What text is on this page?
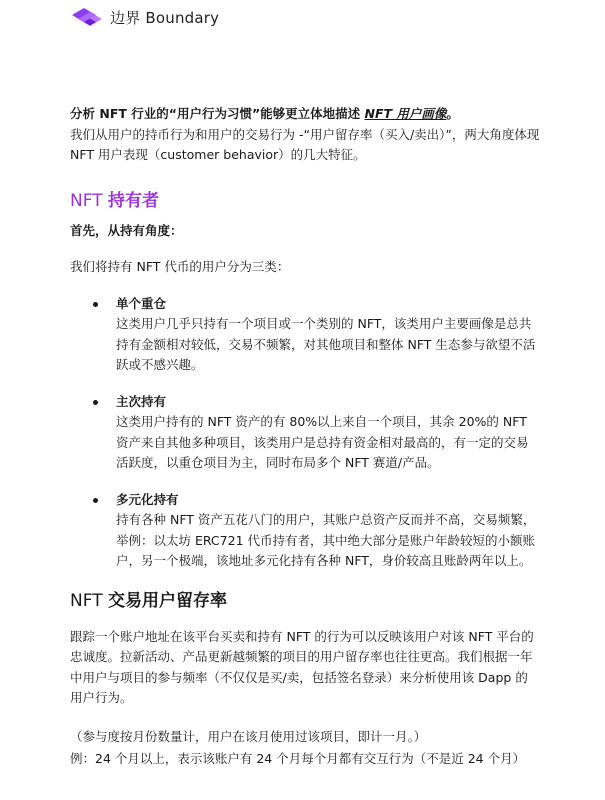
边界 Boundary

分析 NFT 行业的“用户行为习惯”能够更立体地描述 NFT 用户画像。
我们从用户的持币行为和用户的交易行为 -“用户留存率（买入/卖出）”，两大角度体现 NFT 用户表现（customer behavior）的几大特征。

NFT 持有者

首先，从持有角度：

我们将持有 NFT 代币的用户分为三类：

单个重仓
这类用户几乎只持有一个项目或一个类别的 NFT，该类用户主要画像是总共持有金额相对较低，交易不频繁，对其他项目和整体 NFT 生态参与欲望不活跃或不感兴趣。
主次持有
这类用户持有的 NFT 资产的有 80%以上来自一个项目，其余 20%的 NFT 资产来自其他多种项目，该类用户是总持有资金相对最高的，有一定的交易活跃度，以重仓项目为主，同时布局多个 NFT 赛道/产品。
多元化持有
持有各种 NFT 资产五花八门的用户，其账户总资产反而并不高，交易频繁，举例：以太坊 ERC721 代币持有者，其中绝大部分是账户年龄较短的小额账户，另一个极端，该地址多元化持有各种 NFT，身价较高且账龄两年以上。
NFT 交易用户留存率

跟踪一个账户地址在该平台买卖和持有 NFT 的行为可以反映该用户对该 NFT 平台的忠诚度。拉新活动、产品更新越频繁的项目的用户留存率也往往更高。我们根据一年中用户与项目的参与频率（不仅仅是买/卖，包括签名登录）来分析使用该 Dapp 的用户行为。

（参与度按月份数量计，用户在该月使用过该项目，即计一月。）

例：24 个月以上，表示该账户有 24 个月每个月都有交互行为（不是近 24 个月）
